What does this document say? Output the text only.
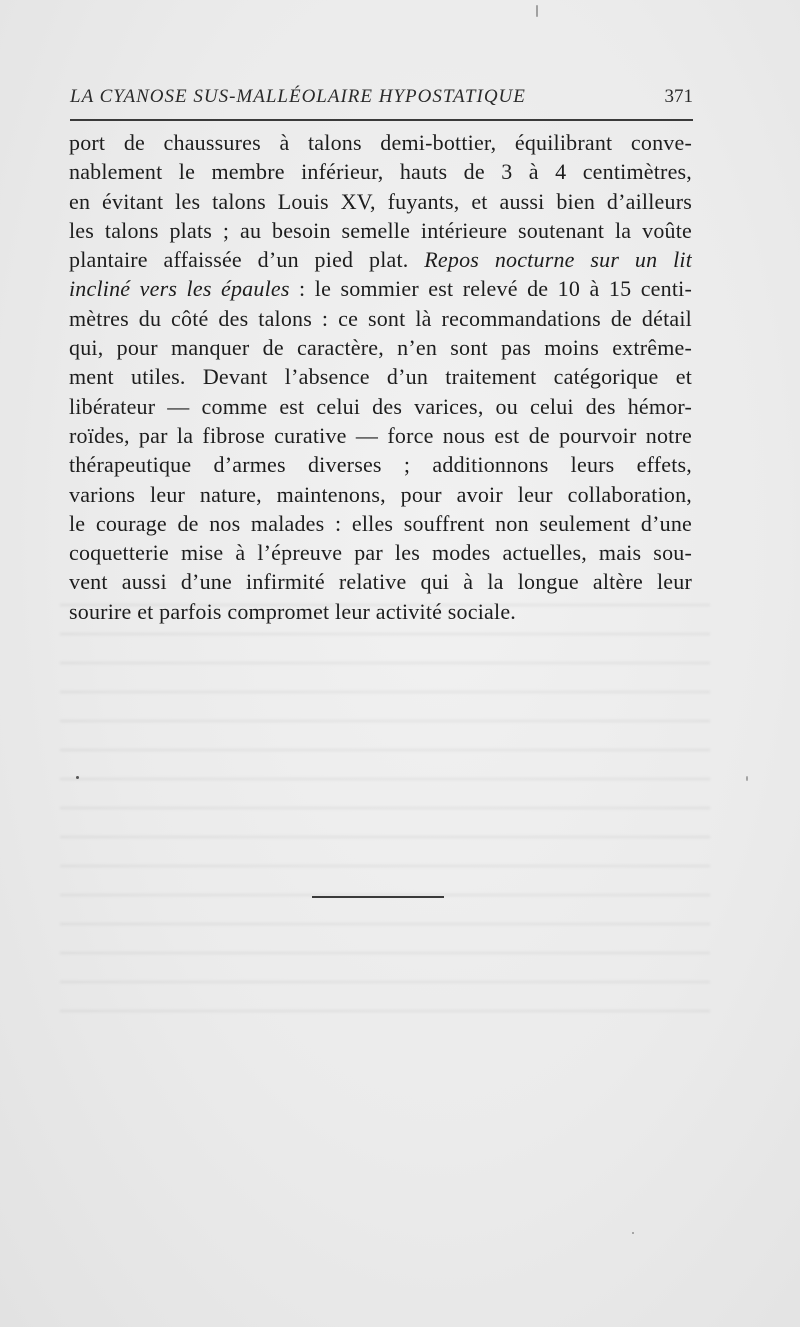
LA CYANOSE SUS-MALLÉOLAIRE HYPOSTATIQUE	371
port de chaussures à talons demi-bottier, équilibrant conve-
nablement le membre inférieur, hauts de 3 à 4 centimètres,
en évitant les talons Louis XV, fuyants, et aussi bien d’ailleurs
les talons plats ; au besoin semelle intérieure soutenant la voûte
plantaire affaissée d’un pied plat. Repos nocturne sur un lit
incliné vers les épaules : le sommier est relevé de 10 à 15 centi-
mètres du côté des talons : ce sont là recommandations de détail
qui, pour manquer de caractère, n’en sont pas moins extrême-
ment utiles. Devant l’absence d’un traitement catégorique et
libérateur — comme est celui des varices, ou celui des hémor-
roïdes, par la fibrose curative — force nous est de pourvoir notre
thérapeutique d’armes diverses ; additionnons leurs effets,
varions leur nature, maintenons, pour avoir leur collaboration,
le courage de nos malades : elles souffrent non seulement d’une
coquetterie mise à l’épreuve par les modes actuelles, mais sou-
vent aussi d’une infirmité relative qui à la longue altère leur
sourire et parfois compromet leur activité sociale.
